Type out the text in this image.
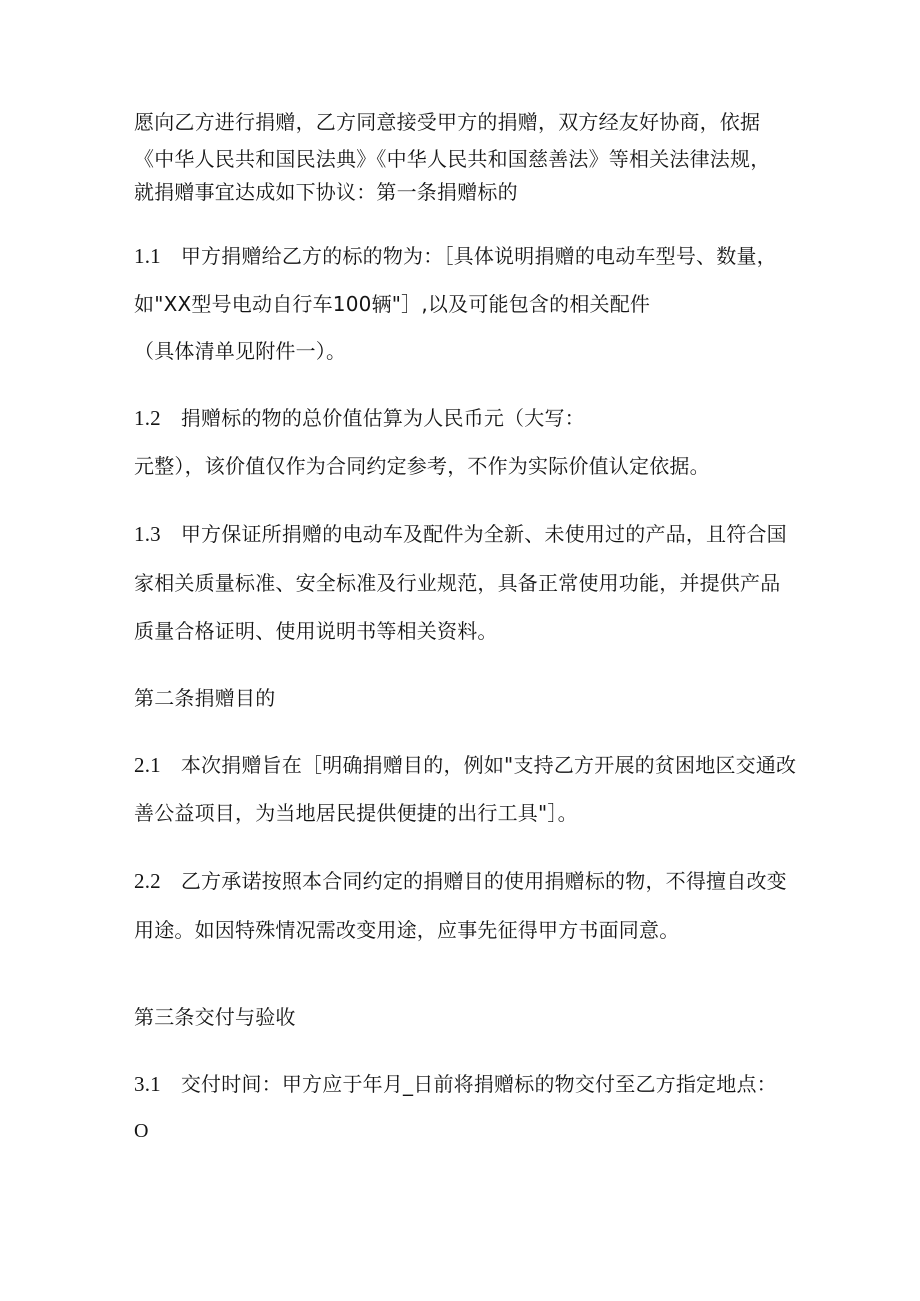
愿向乙方进行捐赠，乙方同意接受甲方的捐赠，双方经友好协商，依据

《中华人民共和国民法典》《中华人民共和国慈善法》等相关法律法规，

就捐赠事宜达成如下协议：第一条捐赠标的

1.1 甲方捐赠给乙方的标的物为：［具体说明捐赠的电动车型号、数量，

如"XX型号电动自行车100辆"］,以及可能包含的相关配件

（具体清单见附件一）。

1.2 捐赠标的物的总价值估算为人民币元（大写：

元整），该价值仅作为合同约定参考，不作为实际价值认定依据。

1.3 甲方保证所捐赠的电动车及配件为全新、未使用过的产品，且符合国

家相关质量标准、安全标准及行业规范，具备正常使用功能，并提供产品

质量合格证明、使用说明书等相关资料。

第二条捐赠目的

2.1 本次捐赠旨在［明确捐赠目的，例如"支持乙方开展的贫困地区交通改

善公益项目，为当地居民提供便捷的出行工具"］。

2.2 乙方承诺按照本合同约定的捐赠目的使用捐赠标的物，不得擅自改变

用途。如因特殊情况需改变用途，应事先征得甲方书面同意。

第三条交付与验收

3.1 交付时间：甲方应于年月_日前将捐赠标的物交付至乙方指定地点：

O
